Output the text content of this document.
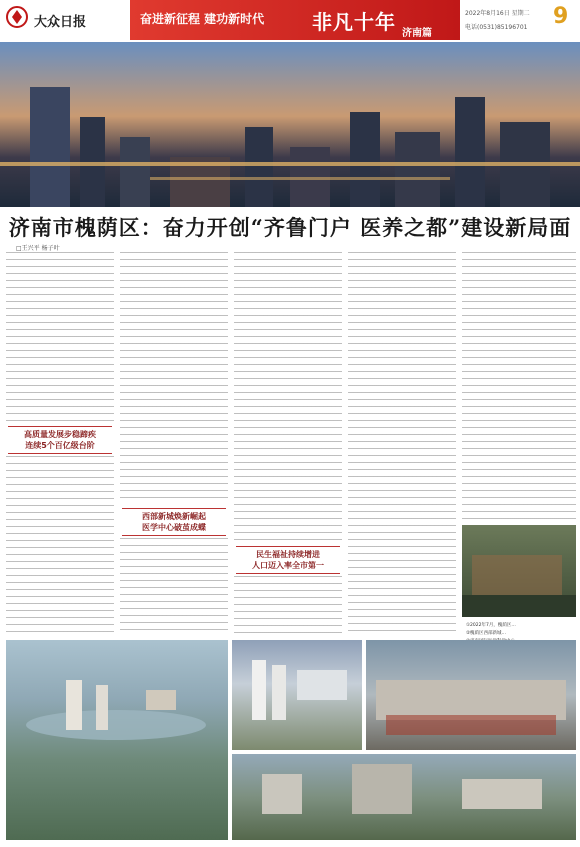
大众日报	奋进新征程 建功新时代 非凡十年 济南篇
2022年8月16日 星期二
电话(0531)85196701 9
济南市槐荫区：奋力开创“齐鲁门户 医养之都”建设新局面
□王兴平 杨子叶
高质量发展步稳蹄疾
连续5个百亿级台阶
西部新城焕新崛起
医学中心破茧成蝶
民生福祉持续增进
人口迈入率全市第一
①2022年7月，槐荫区…
②槐荫区西部新城…
